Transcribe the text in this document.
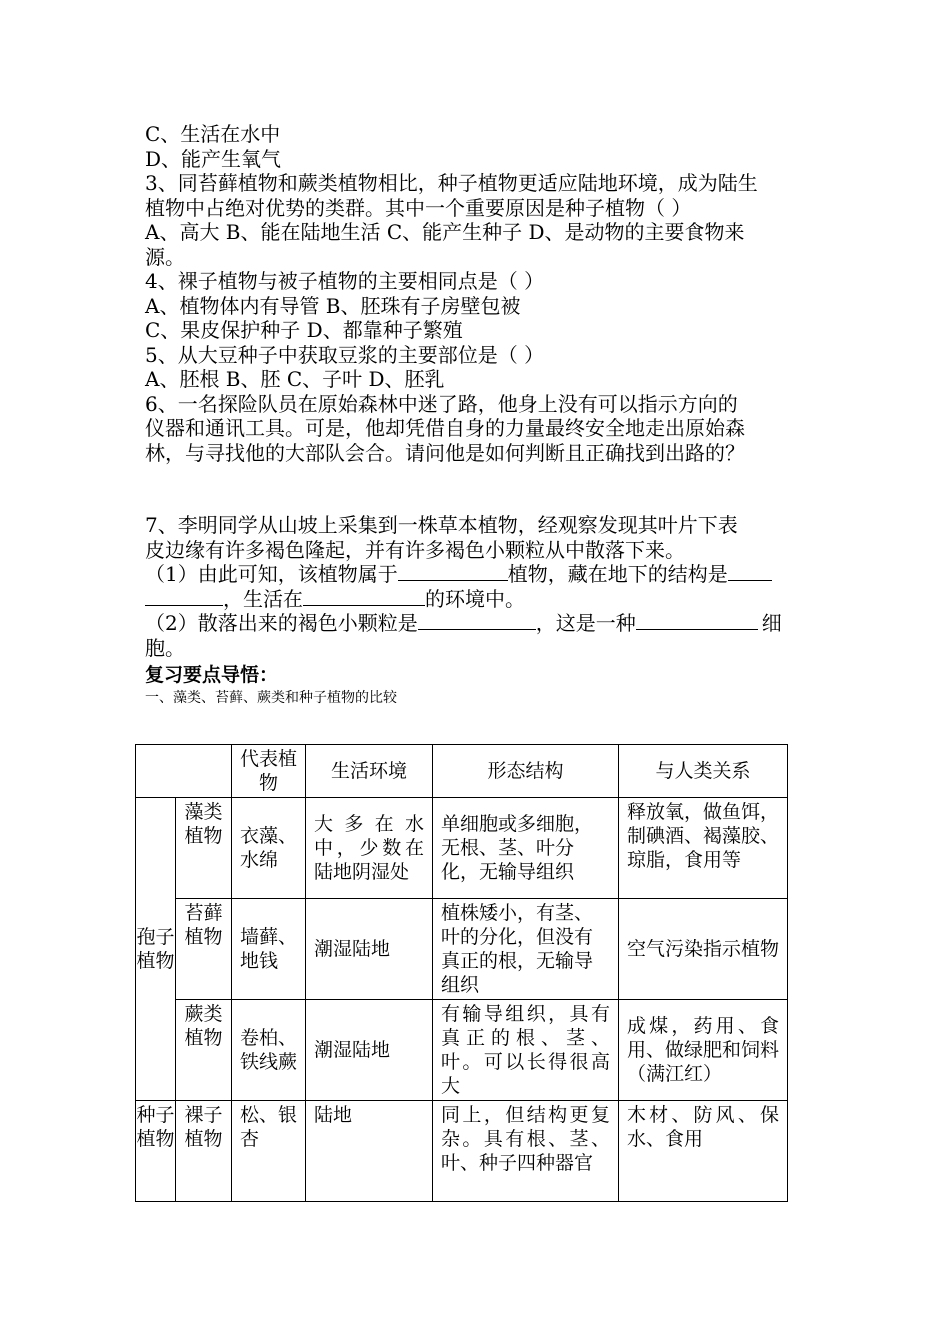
C、生活在水中
D、能产生氧气
3、同苔藓植物和蕨类植物相比，种子植物更适应陆地环境，成为陆生
植物中占绝对优势的类群。其中一个重要原因是种子植物（ ）
A、高大 B、能在陆地生活 C、能产生种子 D、是动物的主要食物来
源。
4、裸子植物与被子植物的主要相同点是（ ）
A、植物体内有导管 B、胚珠有子房壁包被
C、果皮保护种子 D、都靠种子繁殖
5、从大豆种子中获取豆浆的主要部位是（ ）
A、胚根 B、胚 C、子叶 D、胚乳
6、一名探险队员在原始森林中迷了路，他身上没有可以指示方向的
仪器和通讯工具。可是，他却凭借自身的力量最终安全地走出原始森
林，与寻找他的大部队会合。请问他是如何判断且正确找到出路的？
7、李明同学从山坡上采集到一株草本植物，经观察发现其叶片下表
皮边缘有许多褐色隆起，并有许多褐色小颗粒从中散落下来。
（1）由此可知，该植物属于	植物，藏在地下的结构是
，生活在	的环境中。
（2）散落出来的褐色小颗粒是	，这是一种	细
胞。
复习要点导悟：
一、藻类、苔藓、蕨类和种子植物的比较
		代表植物	生活环境	形态结构	与人类关系
	藻类植物	衣藻、水绵	大多在水中，少数在陆地阴湿处	单细胞或多细胞，无根、茎、叶分化，无输导组织	释放氧，做鱼饵，制碘酒、褐藻胶、琼脂，食用等
孢子植物	苔藓植物	墙藓、地钱	潮湿陆地	植株矮小，有茎、叶的分化，但没有真正的根，无输导组织	空气污染指示植物
	蕨类植物	卷柏、铁线蕨	潮湿陆地	有输导组织，具有真正的根、茎、叶。可以长得很高大	成煤，药用、食用、做绿肥和饲料（满江红）
种子植物	裸子植物	松、银杏	陆地	同上，但结构更复杂。具有根、茎、叶、种子四种器官	木材、防风、保水、食用
